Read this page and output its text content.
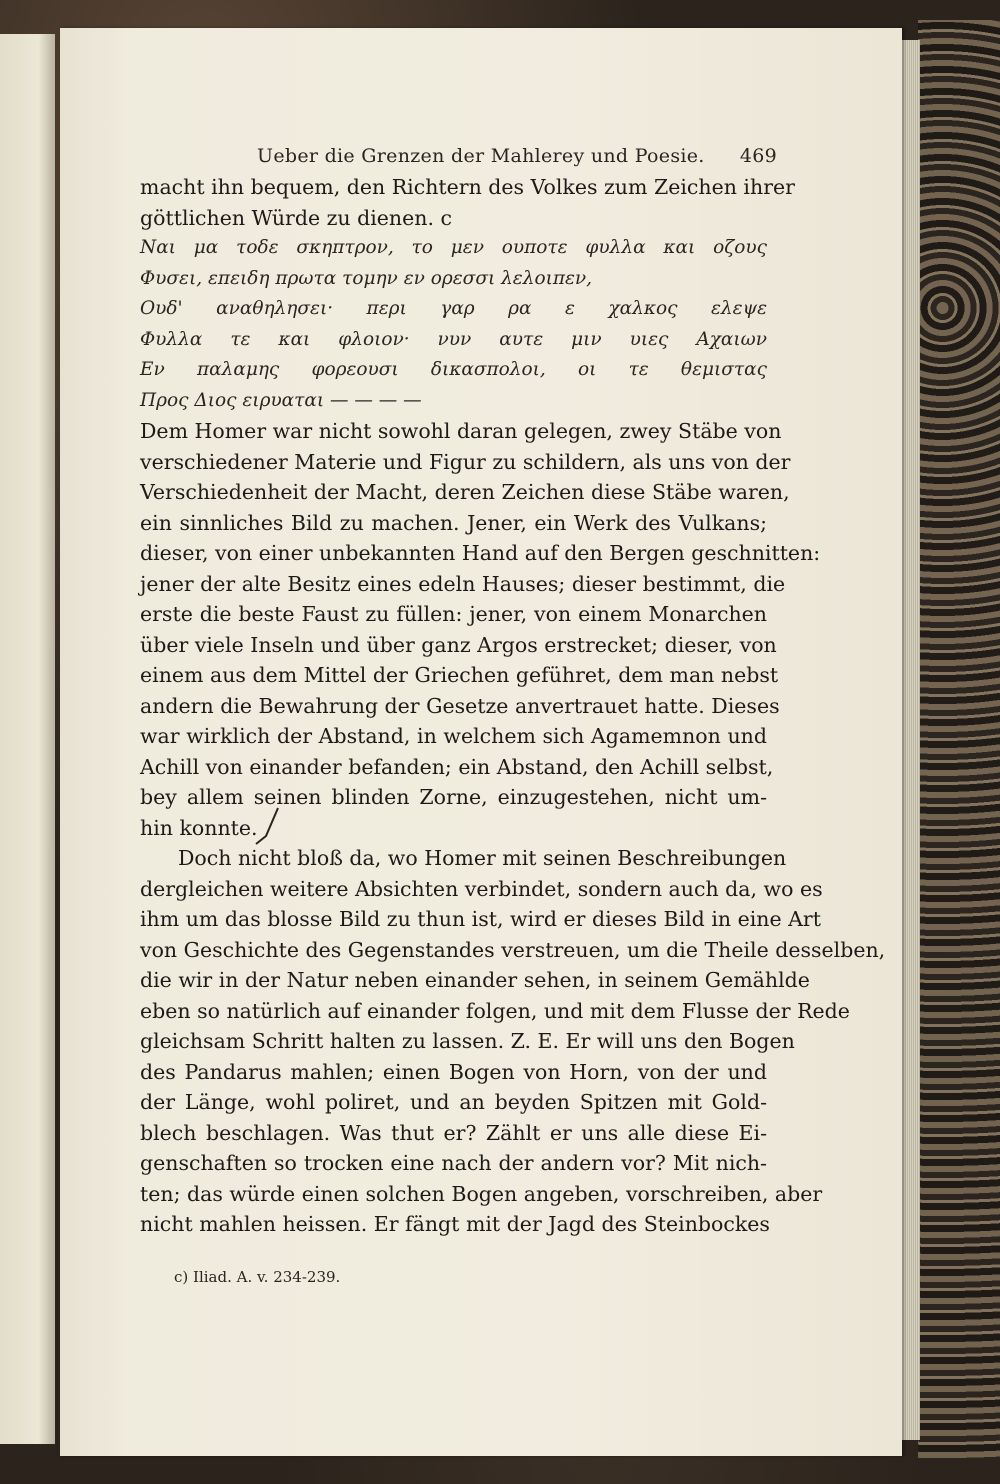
Ueber die Grenzen der Mahlerey und Poesie. 469
macht ihn bequem, den Richtern des Volkes zum Zeichen ihrer
göttlichen Würde zu dienen. c
Ναι μα τοδε σκηπτρον, το μεν ουποτε φυλλα και οζους
Φυσει, επειδη πρωτα τομην εν ορεσσι λελοιπεν,
Ουδ' αναθηλησει· περι γαρ ρα ε χαλκος ελεψε
Φυλλα τε και φλοιον· νυν αυτε μιν υιες Αχαιων
Εν παλαμης φορεουσι δικασπολοι, οι τε θεμιστας
Προς Διος ειρυαται — — — —
Dem Homer war nicht sowohl daran gelegen, zwey Stäbe von
verschiedener Materie und Figur zu schildern, als uns von der
Verschiedenheit der Macht, deren Zeichen diese Stäbe waren,
ein sinnliches Bild zu machen. Jener, ein Werk des Vulkans;
dieser, von einer unbekannten Hand auf den Bergen geschnitten:
jener der alte Besitz eines edeln Hauses; dieser bestimmt, die
erste die beste Faust zu füllen: jener, von einem Monarchen
über viele Inseln und über ganz Argos erstrecket; dieser, von
einem aus dem Mittel der Griechen geführet, dem man nebst
andern die Bewahrung der Gesetze anvertrauet hatte. Dieses
war wirklich der Abstand, in welchem sich Agamemnon und
Achill von einander befanden; ein Abstand, den Achill selbst,
bey allem seinen blinden Zorne, einzugestehen, nicht um-
hin konnte.
Doch nicht bloß da, wo Homer mit seinen Beschreibungen
dergleichen weitere Absichten verbindet, sondern auch da, wo es
ihm um das blosse Bild zu thun ist, wird er dieses Bild in eine Art
von Geschichte des Gegenstandes verstreuen, um die Theile desselben,
die wir in der Natur neben einander sehen, in seinem Gemählde
eben so natürlich auf einander folgen, und mit dem Flusse der Rede
gleichsam Schritt halten zu lassen. Z. E. Er will uns den Bogen
des Pandarus mahlen; einen Bogen von Horn, von der und
der Länge, wohl poliret, und an beyden Spitzen mit Gold-
blech beschlagen. Was thut er? Zählt er uns alle diese Ei-
genschaften so trocken eine nach der andern vor? Mit nich-
ten; das würde einen solchen Bogen angeben, vorschreiben, aber
nicht mahlen heissen. Er fängt mit der Jagd des Steinbockes
c) Iliad. A. v. 234-239.
